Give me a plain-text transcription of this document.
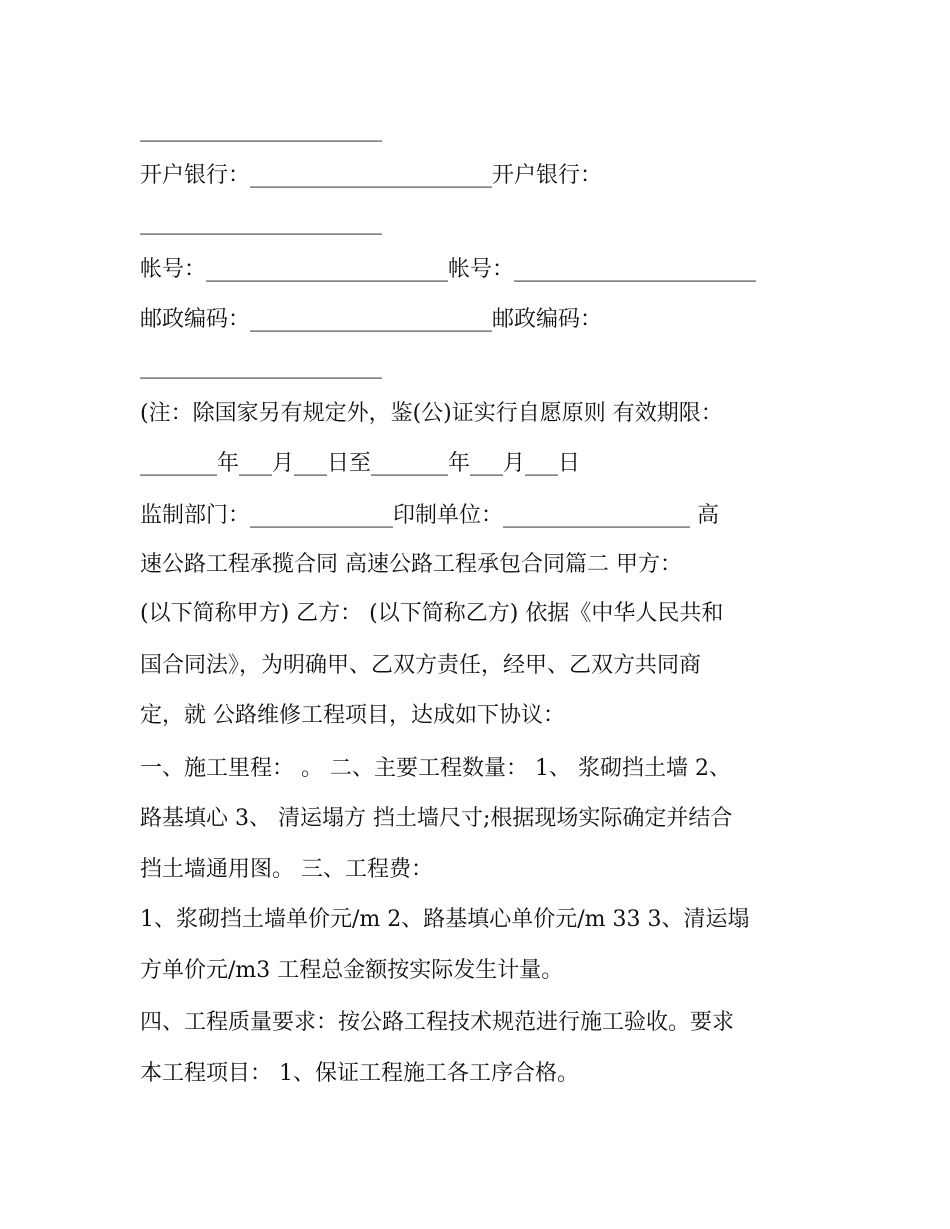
______________________
开户银行：______________________开户银行：
______________________
帐号：______________________帐号：______________________
邮政编码：______________________邮政编码：
______________________
(注：除国家另有规定外，鉴(公)证实行自愿原则 有效期限：
_______年___月___日至_______年___月___日
监制部门：_____________印制单位：_________________ 高
速公路工程承揽合同 高速公路工程承包合同篇二 甲方：
(以下简称甲方) 乙方： (以下简称乙方) 依据《中华人民共和
国合同法》，为明确甲、乙双方责任，经甲、乙双方共同商
定，就 公路维修工程项目，达成如下协议：
一、施工里程： 。 二、主要工程数量： 1、 浆砌挡土墙 2、
路基填心 3、 清运塌方 挡土墙尺寸;根据现场实际确定并结合
挡土墙通用图。 三、工程费：
1、浆砌挡土墙单价元/m 2、路基填心单价元/m 33 3、清运塌
方单价元/m3 工程总金额按实际发生计量。
四、工程质量要求：按公路工程技术规范进行施工验收。要求
本工程项目： 1、保证工程施工各工序合格。
